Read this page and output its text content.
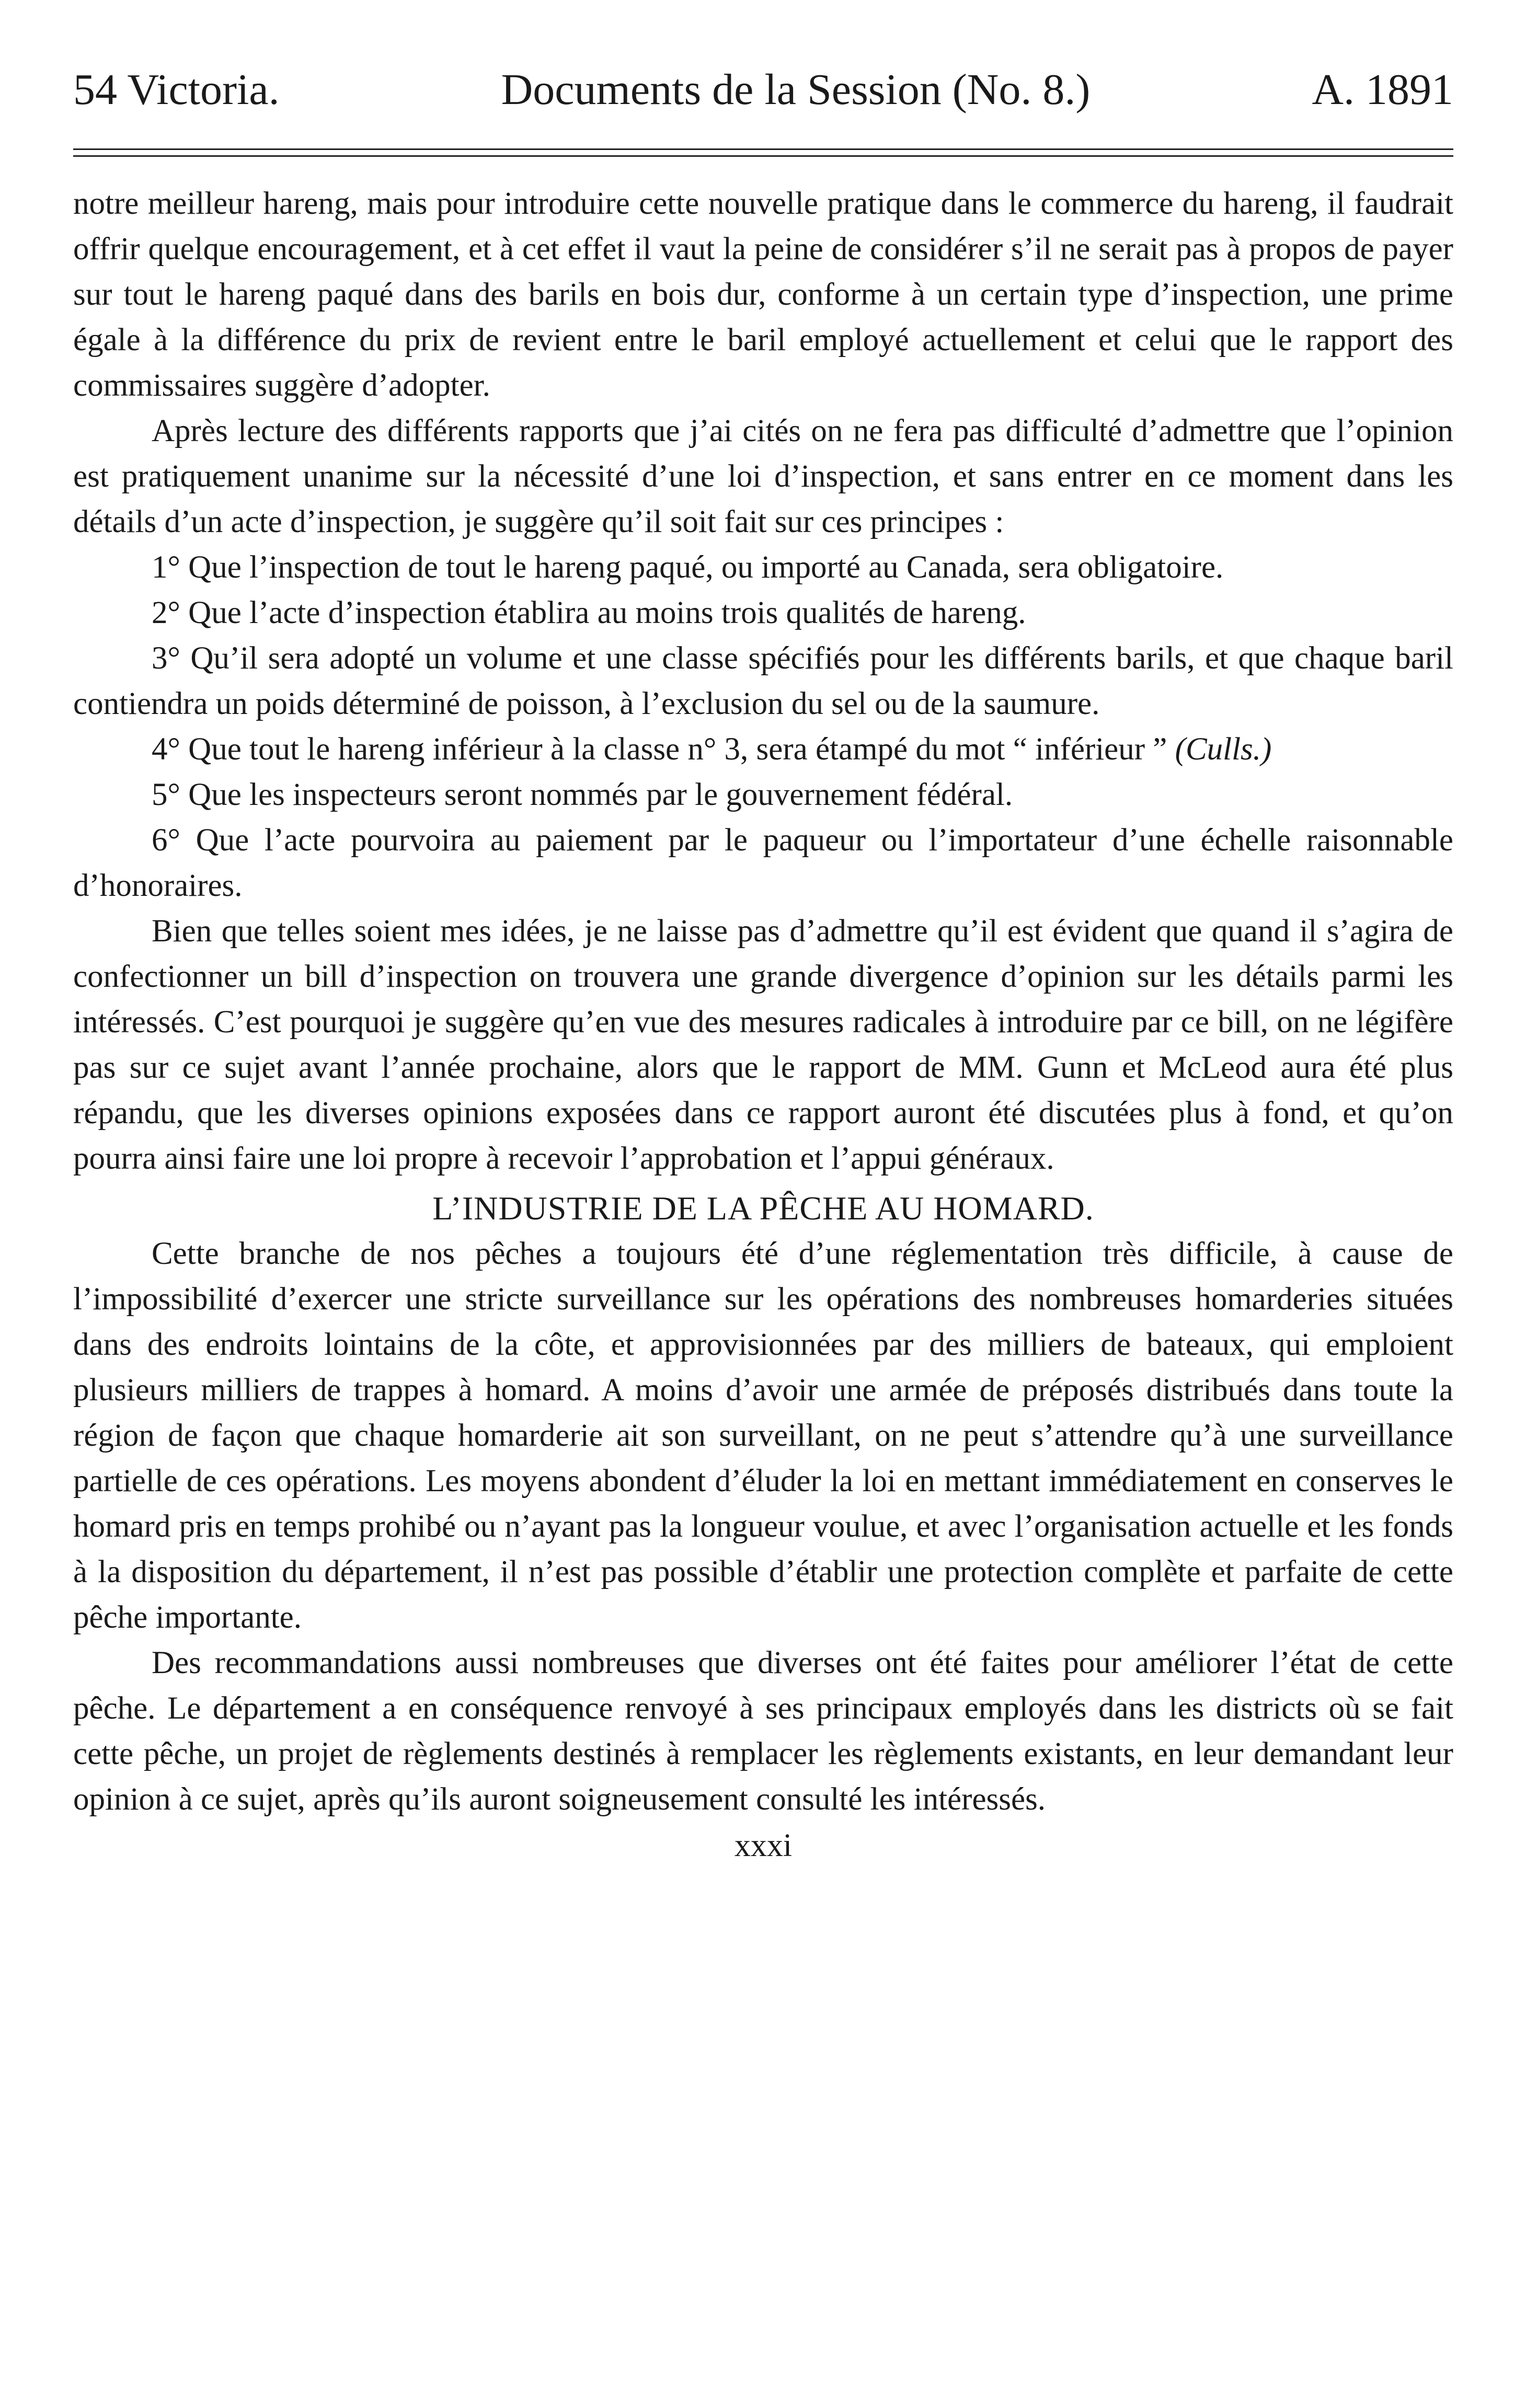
54 Victoria.	Documents de la Session (No. 8.)	A. 1891

notre meilleur hareng, mais pour introduire cette nouvelle pratique dans le commerce du hareng, il faudrait offrir quelque encouragement, et à cet effet il vaut la peine de considérer s’il ne serait pas à propos de payer sur tout le hareng paqué dans des barils en bois dur, conforme à un certain type d’inspection, une prime égale à la différence du prix de revient entre le baril employé actuellement et celui que le rapport des commissaires suggère d’adopter.

Après lecture des différents rapports que j’ai cités on ne fera pas difficulté d’admettre que l’opinion est pratiquement unanime sur la nécessité d’une loi d’inspection, et sans entrer en ce moment dans les détails d’un acte d’inspection, je suggère qu’il soit fait sur ces principes :

1° Que l’inspection de tout le hareng paqué, ou importé au Canada, sera obligatoire.

2° Que l’acte d’inspection établira au moins trois qualités de hareng.

3° Qu’il sera adopté un volume et une classe spécifiés pour les différents barils, et que chaque baril contiendra un poids déterminé de poisson, à l’exclusion du sel ou de la saumure.

4° Que tout le hareng inférieur à la classe n° 3, sera étampé du mot “ inférieur ” (Culls.)

5° Que les inspecteurs seront nommés par le gouvernement fédéral.

6° Que l’acte pourvoira au paiement par le paqueur ou l’importateur d’une échelle raisonnable d’honoraires.

Bien que telles soient mes idées, je ne laisse pas d’admettre qu’il est évident que quand il s’agira de confectionner un bill d’inspection on trouvera une grande divergence d’opinion sur les détails parmi les intéressés. C’est pourquoi je suggère qu’en vue des mesures radicales à introduire par ce bill, on ne légifère pas sur ce sujet avant l’année prochaine, alors que le rapport de MM. Gunn et McLeod aura été plus répandu, que les diverses opinions exposées dans ce rapport auront été discutées plus à fond, et qu’on pourra ainsi faire une loi propre à recevoir l’approbation et l’appui généraux.

L’INDUSTRIE DE LA PÊCHE AU HOMARD.

Cette branche de nos pêches a toujours été d’une réglementation très difficile, à cause de l’impossibilité d’exercer une stricte surveillance sur les opérations des nombreuses homarderies situées dans des endroits lointains de la côte, et approvisionnées par des milliers de bateaux, qui emploient plusieurs milliers de trappes à homard. A moins d’avoir une armée de préposés distribués dans toute la région de façon que chaque homarderie ait son surveillant, on ne peut s’attendre qu’à une surveillance partielle de ces opérations. Les moyens abondent d’éluder la loi en mettant immédiatement en conserves le homard pris en temps prohibé ou n’ayant pas la longueur voulue, et avec l’organisation actuelle et les fonds à la disposition du département, il n’est pas possible d’établir une protection complète et parfaite de cette pêche importante.

Des recommandations aussi nombreuses que diverses ont été faites pour améliorer l’état de cette pêche. Le département a en conséquence renvoyé à ses principaux employés dans les districts où se fait cette pêche, un projet de règlements destinés à remplacer les règlements existants, en leur demandant leur opinion à ce sujet, après qu’ils auront soigneusement consulté les intéressés.

xxxi
